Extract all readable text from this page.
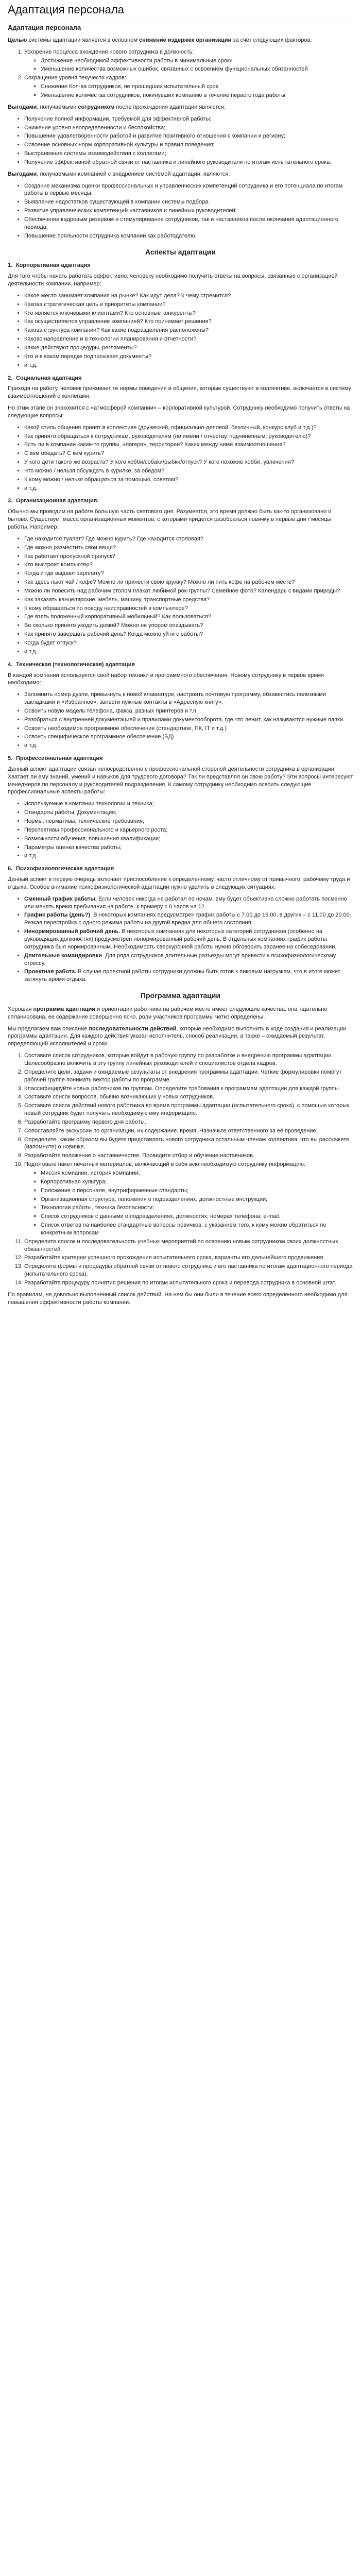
Адаптация персонала
Адаптация персонала

Целью системы адаптации является в основном снижение издержек организации за счет следующих факторов:

1. Ускорение процесса вхождения нового сотрудника в должность:
◦ Достижение необходимой эффективности работы в минимальные сроки
◦ Уменьшение количества возможных ошибок, связанных с освоением функциональных обязанностей
2. Сокращение уровня текучести кадров:
◦ Снижение Кол-ва сотрудников, не прошедших испытательный срок
◦ Уменьшение количества сотрудников, покинувших компанию в течение первого года работы

Выгодами, получаемыми сотрудником после прохождения адаптации являются:

• Получение полной информации, требуемой для эффективной работы;
• Снижение уровня неопределенности и беспокойства;
• Повышение удовлетворенности работой и развитие позитивного отношения к компании и региону;
• Освоение основных норм корпоративной культуры и правил поведения;
• Выстраивание системы взаимодействия с коллегами;
• Получение эффективной обратной связи от наставника и линейного руководителя по итогам испытательного срока.

Выгодами, получаемыми компанией с внедрением системой адаптации, являются:

• Создание механизма оценки профессиональных и управленческих компетенций сотрудника и его потенциала по итогам работы в первые месяцы;
• Выявление недостатков существующей в компании системы подбора.
• Развитие управленческих компетенций наставников и линейных руководителей;
• Обеспечение кадровым резервом и стимулирование сотрудников, так и наставников после окончания адаптационного периода;
• Повышение лояльности сотрудника компании как работодателю.
Аспекты адаптации
1. Корпоративная адаптация

Для того чтобы начать работать эффективно, человеку необходимо получить ответы на вопросы, связанные с организацией деятельности компании, например:

• Какое место занимает компания на рынке? Как идут дела? К чему стремится?
• Какова стратегическая цель и приоритеты компании?
• Кто является ключевыми клиентами? Кто основные конкуренты?
• Как осуществляется управление компанией? Кто принимает решения?
• Какова структура компании? Как какие подразделения расположены?
• Каково направление и в технологии планирования и отчетности?
• Какие действуют процедуры, регламенты?
• Кто и в каком порядке подписывает документы?
• и т.д.
2. Социальная адаптация

Приходя на работу, человек приживает те нормы поведения и общения, которые существуют в коллективе, включается в систему взаимоотношений с коллегами.

Но этим этапе он знакомится с «атмосферой компании» – корпоративной культурой. Сотруднику необходимо получить ответы на следующие вопросы:

• Какой стиль общения принят в коллективе (дружеский, официально-деловой, безличный, конкурс клуб и т.д.)?
• Как принято обращаться к сотрудникам, руководителям (по имени / отчеству, подчиненным, руководителю)?
• Есть ли в компании какие-то группы, «лагеря», территории? Каких между ними взаимоотношения?
• С кем обедать? С кем курить?
• У кого дети такого же возраста? У кого хобби/собаки/рыбки/отпуск? У кого похожие хобби, увлечения?
• Что можно / нельзя обсуждать в курилке, за обедом?
• К кому можно / нельзя обращаться за помощью, советом?
• и т.д.
3. Организационная адаптация.

Обычно мы проводим на работе большую часть светового дня. Разумеется, это время должно быть как-то организовано и бытово. Существует масса организационных моментов, с которыми придется разобраться новичку в первые дни / месяцы работы. Например:

• Где находится туалет? Где можно курить? Где находится столовая?
• Где можно разместить свои вещи?
• Как работает пропускной пропуск?
• Кто выстроит компьютер?
• Когда и где выдают зарплату?
• Как здесь пьют чай / кофе? Можно ли принести свою кружку? Можно ли пить кофе на рабочем месте?
• Можно ли повесить над рабочим столом плакат любимой рок-группы? Семейное фото? Календарь с видами природы?
• Как заказать канцелярские, мебель, машину, транспортные средства?
• К кому обращаться по поводу неисправностей в компьютере?
• Где взять положенный корпоративный мобильный? Как пользоваться?
• Во сколько принято уходить домой? Можно не упором опаздывать?
• Как принято завершать рабочий день? Когда можно уйти с работы?
• Когда будет отпуск?
• и т.д.
4. Техническая (технологическая) адаптация

В каждой компании используется свой набор техники и программного обеспечения. Новому сотруднику в первое время необходимо:

• Запомнить номер дуэли, привыкнуть к новой клавиатуре, настроить почтовую программу, обзавестись полезными закладками и «Избранное», занести нужные контакты в «Адресную книгу».
• Освоить новую модель телефона, факса, разных принтеров и т.п.
• Разобраться с внутренней документацией и правилами документооборота, где что лежит, как называются нужные папки.
• Освоить необходимое программное обеспечение (стандартное, ПК, IT и т.д.)
• Освоить специфическое программное обеспечение (БД)
• и т.д.
5. Профессиональная адаптация

Данный аспект адаптации связан непосредственно с профессиональной стороной деятельности сотрудника в организации. Хватает ли ему знаний, умений и навыков для трудового договора? Так ли представлял он свою работу? Эти вопросы интересуют менеджеров по персоналу и руководителей подразделения. К самому сотруднику необходимо освоить следующие профессиональные аспекты работы:

• Используемые в компании технологии и техника;
• Стандарты работы, Документация;
• Нормы, нормативы, технические требования;
• Перспективы профессионального и карьерного роста;
• Возможности обучения, повышения квалификации;
• Параметры оценки качества работы;
• и т.д.
6. Психофизиологическая адаптация

Данный аспект в первую очередь включает приспособление к определенному, часто отличному от привычного, рабочему труда и отдыха. Особое внимание психофизиологической адаптации нужно уделить в следующих ситуациях:

• Сменный график работы. Если человек никогда не работал по ночам, ему будет объективно сложно работать посменно или менять время пребывания на работе, к примеру с 8 часов на 12.
• График работы (день?). В некоторых компаниях предусмотрен график работы с 7.00 до 16.00, в других – с 11.00 до 20.00. Резкая перестройка с одного режима работы на другой вредна для общего состояния.
• Ненормированный рабочий день. В некоторых компаниях для некоторых категорий сотрудников (особенно на руководящих должностях) предусмотрен ненормированный рабочий день. В отдельных компаниях график работы сотрудника был нормированным. Необходимость сверхурочной работы нужно обговорить заранее на собеседовании.
• Длительные командировки. Для ряда сотрудников длительные разъезды могут привести к психофизиологическому стрессу.
• Проектная работа. В случае проектной работы сотрудники должны быть готов к пиковым нагрузкам, что в итоге может затянуть время отдыха.
Программа адаптации

Хорошая программа адаптации и ориентации работника на рабочем месте имеет следующие качества: она тщательно спланирована, ее содержание совершенно ясно, роли участников программы четко определены.

Мы предлагаем вам описание последовательности действий, которые необходимо выполнить в ходе создания и реализации программы адаптации. Для каждого действия указан исполнитель, способ реализации, а также – ожидаемый результат, определяющий исполнителей и сроки.

1. Составьте список сотрудников, которые войдут в рабочую группу по разработке и внедрению программы адаптации. Целесообразно включить в эту группу линейных руководителей и специалистов отдела кадров.
2. Определите цели, задачи и ожидаемые результаты от внедрения программы адаптации. Четкие формулировки помогут рабочей группе понимать вектор работы по программе.
3. Классифицируйте новых работников по группам. Определите требования к программам адаптации для каждой группы.
4. Составьте список вопросов, обычно возникающих у новых сотрудников.
5. Составьте список действий нового работника во время программы адаптации (испытательного срока), с помощью которых новый сотрудник будет получать необходимую ему информацию.
6. Разработайте программу первого дня работы.
7. Сопоставляйте экскурсии по организации, их содержание, время. Назначьте ответственного за её проведение.
8. Определите, каким образом вы будете представлять нового сотрудника остальным членам коллектива, что вы расскажете (напомните) о новичке.
9. Разработайте положение о наставничестве. Проведите отбор и обучение наставников.
10. Подготовьте пакет печатных материалов, включающий в себя всю необходимую сотруднику информацию:
◦ Миссия компании, история компании;
◦ Корпоративная культура;
◦ Положение о персонале, внутрифирменные стандарты;
◦ Организационная структура, положения о подразделениях, должностные инструкции;
◦ Технологии работы, техника безопасности;
◦ Список сотрудников с данными о подразделениях, должностях, номерах телефона, e-mail.
◦ Список ответов на наиболее стандартные вопросы новичков, с указанием того, к кому можно обратиться по конкретным вопросам
11. Определите список и последовательность учебных мероприятий по освоению новым сотрудником своих должностных обязанностей.
12. Разработайте критерии успешного прохождения испытательного срока, варианты его дальнейшего продвижения.
13. Определите формы и процедуры обратной связи от нового сотрудника и его наставника по итогам адаптационного периода (испытательного срока).
14. Разработайте процедуру принятия решения по итогам испытательного срока и перевода сотрудника в основной штат.

По правилам, не довольно выполненный список действий. На нем бы они были в течение всего определенного необходимо для повышения эффективности работы компании.
